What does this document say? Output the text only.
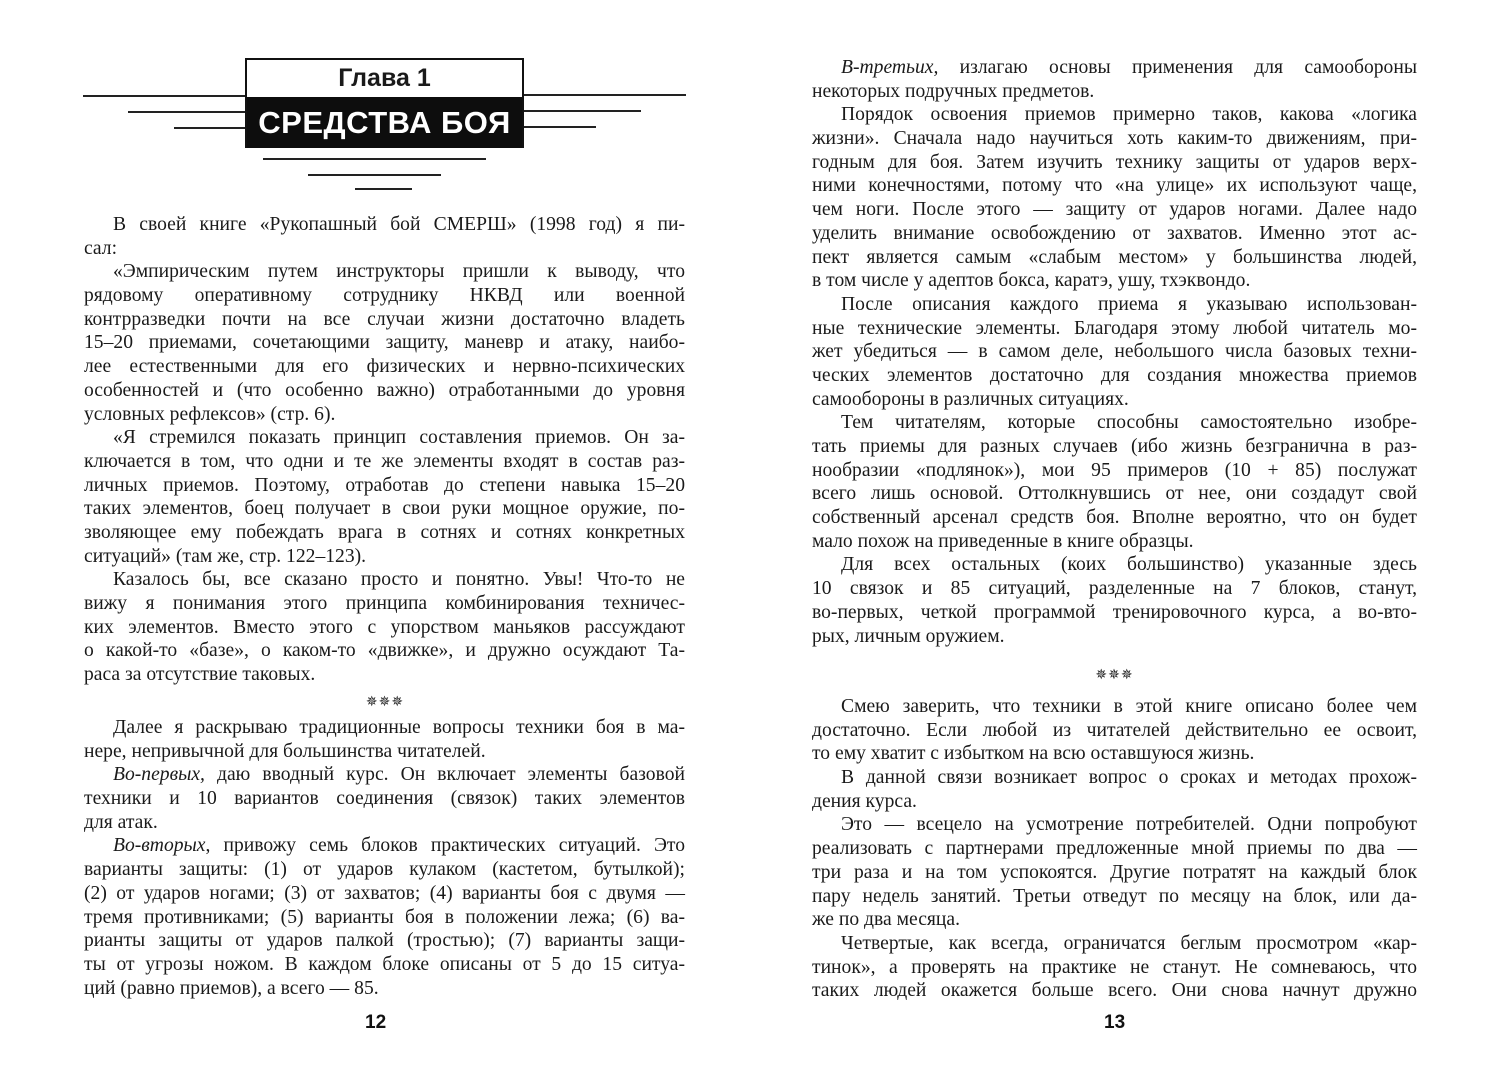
Глава 1
СРЕДСТВА БОЯ
В своей книге «Рукопашный бой СМЕРШ» (1998 год) я пи-
сал:
«Эмпирическим путем инструкторы пришли к выводу, что
рядовому оперативному сотруднику НКВД или военной
контрразведки почти на все случаи жизни достаточно владеть
15–20 приемами, сочетающими защиту, маневр и атаку, наибо-
лее естественными для его физических и нервно-психических
особенностей и (что особенно важно) отработанными до уровня
условных рефлексов» (стр. 6).
«Я стремился показать принцип составления приемов. Он за-
ключается в том, что одни и те же элементы входят в состав раз-
личных приемов. Поэтому, отработав до степени навыка 15–20
таких элементов, боец получает в свои руки мощное оружие, по-
зволяющее ему побеждать врага в сотнях и сотнях конкретных
ситуаций» (там же, стр. 122–123).
Казалось бы, все сказано просто и понятно. Увы! Что-то не
вижу я понимания этого принципа комбинирования техничес-
ких элементов. Вместо этого с упорством маньяков рассуждают
о какой-то «базе», о каком-то «движке», и дружно осуждают Та-
раса за отсутствие таковых.
✵✵✵
Далее я раскрываю традиционные вопросы техники боя в ма-
нере, непривычной для большинства читателей.
Во-первых, даю вводный курс. Он включает элементы базовой
техники и 10 вариантов соединения (связок) таких элементов
для атак.
Во-вторых, привожу семь блоков практических ситуаций. Это
варианты защиты: (1) от ударов кулаком (кастетом, бутылкой);
(2) от ударов ногами; (3) от захватов; (4) варианты боя с двумя —
тремя противниками; (5) варианты боя в положении лежа; (6) ва-
рианты защиты от ударов палкой (тростью); (7) варианты защи-
ты от угрозы ножом. В каждом блоке описаны от 5 до 15 ситуа-
ций (равно приемов), а всего — 85.
12
В-третьих, излагаю основы применения для самообороны
некоторых подручных предметов.
Порядок освоения приемов примерно таков, какова «логика
жизни». Сначала надо научиться хоть каким-то движениям, при-
годным для боя. Затем изучить технику защиты от ударов верх-
ними конечностями, потому что «на улице» их используют чаще,
чем ноги. После этого — защиту от ударов ногами. Далее надо
уделить внимание освобождению от захватов. Именно этот ас-
пект является самым «слабым местом» у большинства людей,
в том числе у адептов бокса, каратэ, ушу, тхэквондо.
После описания каждого приема я указываю использован-
ные технические элементы. Благодаря этому любой читатель мо-
жет убедиться — в самом деле, небольшого числа базовых техни-
ческих элементов достаточно для создания множества приемов
самообороны в различных ситуациях.
Тем читателям, которые способны самостоятельно изобре-
тать приемы для разных случаев (ибо жизнь безгранична в раз-
нообразии «подлянок»), мои 95 примеров (10 + 85) послужат
всего лишь основой. Оттолкнувшись от нее, они создадут свой
собственный арсенал средств боя. Вполне вероятно, что он будет
мало похож на приведенные в книге образцы.
Для всех остальных (коих большинство) указанные здесь
10 связок и 85 ситуаций, разделенные на 7 блоков, станут,
во-первых, четкой программой тренировочного курса, а во-вто-
рых, личным оружием.
✵✵✵
Смею заверить, что техники в этой книге описано более чем
достаточно. Если любой из читателей действительно ее освоит,
то ему хватит с избытком на всю оставшуюся жизнь.
В данной связи возникает вопрос о сроках и методах прохож-
дения курса.
Это — всецело на усмотрение потребителей. Одни попробуют
реализовать с партнерами предложенные мной приемы по два —
три раза и на том успокоятся. Другие потратят на каждый блок
пару недель занятий. Третьи отведут по месяцу на блок, или да-
же по два месяца.
Четвертые, как всегда, ограничатся беглым просмотром «кар-
тинок», а проверять на практике не станут. Не сомневаюсь, что
таких людей окажется больше всего. Они снова начнут дружно
13
